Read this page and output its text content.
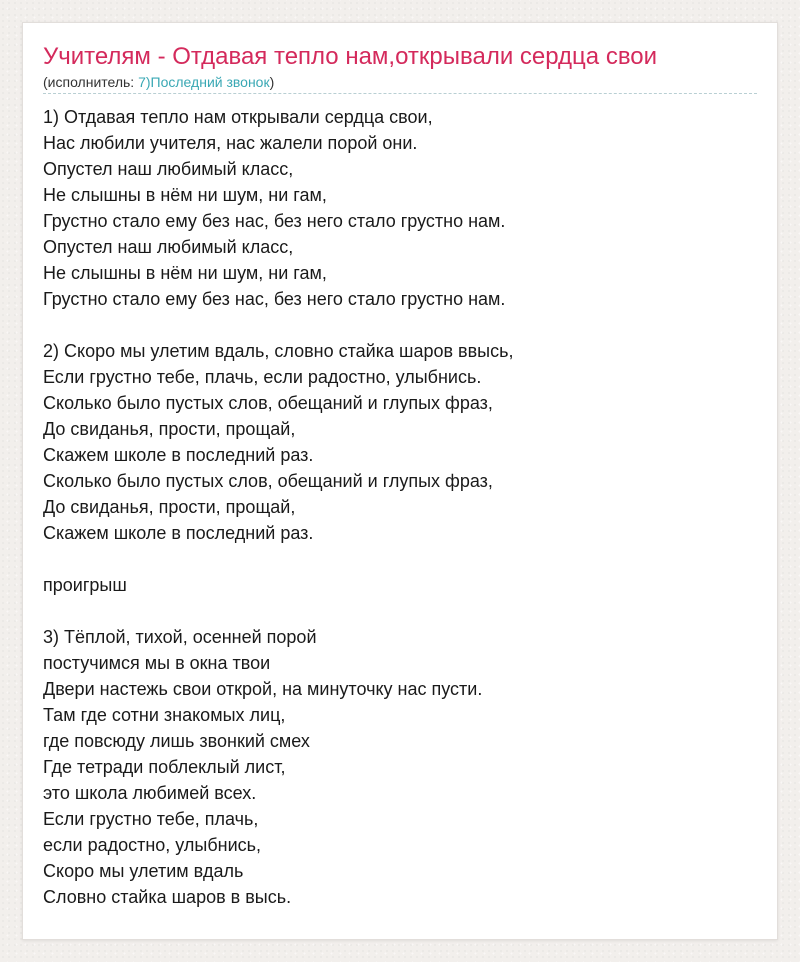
Учителям - Отдавая тепло нам,открывали сердца свои
(исполнитель: 7)Последний звонок)
1) Отдавая тепло нам открывали сердца свои,
Нас любили учителя, нас жалели порой они.
Опустел наш любимый класс,
Не слышны в нём ни шум, ни гам,
Грустно стало ему без нас, без него стало грустно нам.
Опустел наш любимый класс,
Не слышны в нём ни шум, ни гам,
Грустно стало ему без нас, без него стало грустно нам.
2) Скоро мы улетим вдаль, словно стайка шаров ввысь,
Если грустно тебе, плачь, если радостно, улыбнись.
Сколько было пустых слов, обещаний и глупых фраз,
До свиданья, прости, прощай,
Скажем школе в последний раз.
Сколько было пустых слов, обещаний и глупых фраз,
До свиданья, прости, прощай,
Скажем школе в последний раз.
проигрыш
3) Тёплой, тихой, осенней порой
постучимся мы в окна твои
Двери настежь свои открой, на минуточку нас пусти.
Там где сотни знакомых лиц,
где повсюду лишь звонкий смех
Где тетради поблеклый лист,
это школа любимей всех.
Если грустно тебе, плачь,
если радостно, улыбнись,
Скоро мы улетим вдаль
Словно стайка шаров в высь.
